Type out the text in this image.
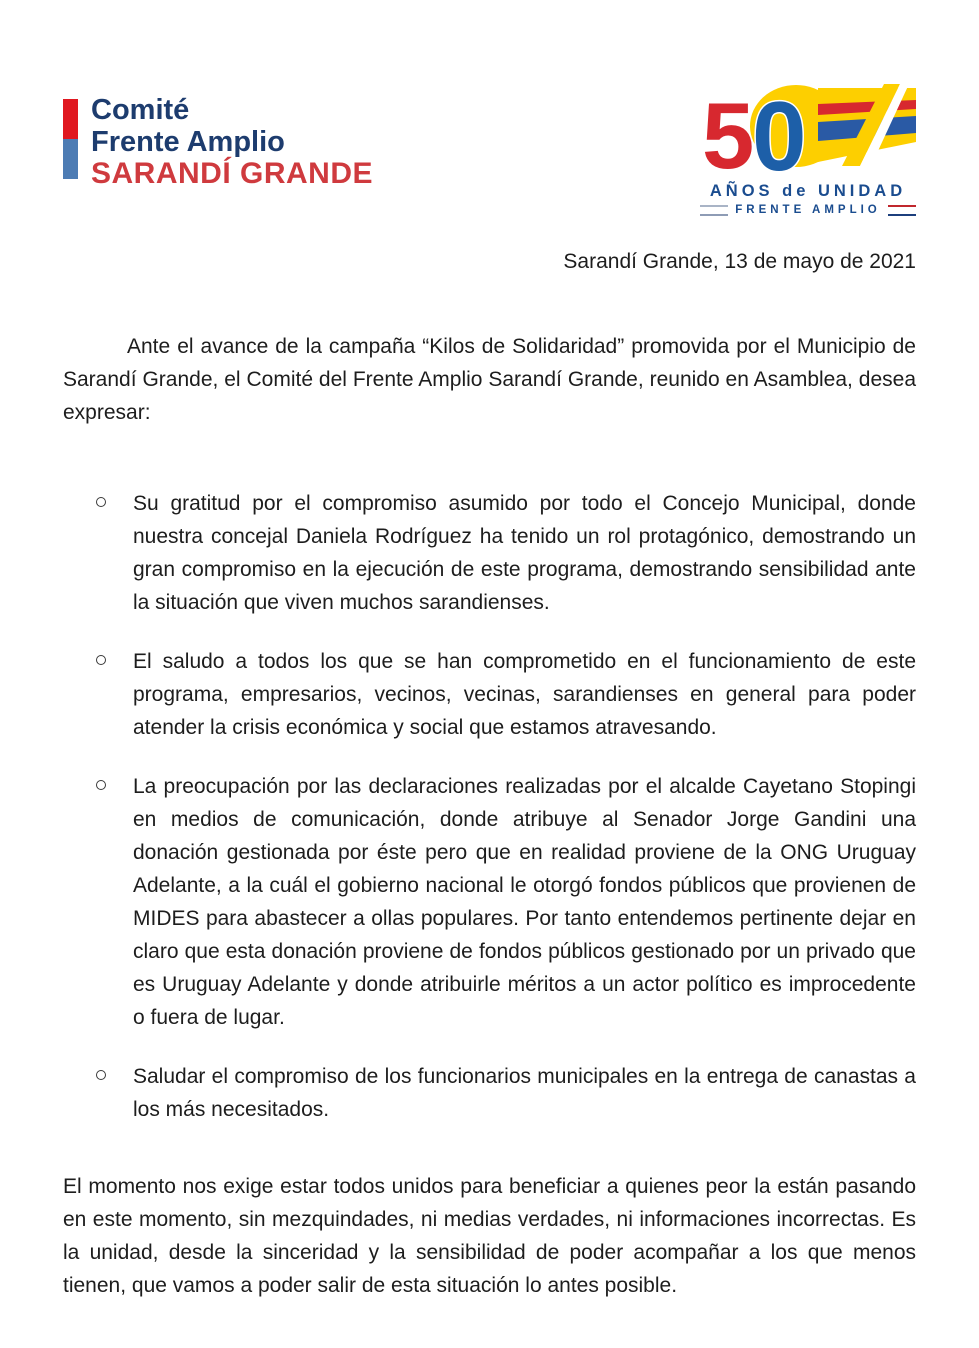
Comité
Frente Amplio
SARANDÍ GRANDE	5
0
AÑOS de UNIDAD
FRENTE AMPLIO
Sarandí Grande, 13 de mayo de 2021

Ante el avance de la campaña “Kilos de Solidaridad” promovida por el Municipio de Sarandí Grande, el Comité del Frente Amplio Sarandí Grande, reunido en Asamblea, desea expresar:

Su gratitud por el compromiso asumido por todo el Concejo Municipal, donde nuestra concejal Daniela Rodríguez ha tenido un rol protagónico, demostrando un gran compromiso en la ejecución de este programa, demostrando sensibilidad ante la situación que viven muchos sarandienses.
El saludo a todos los que se han comprometido en el funcionamiento de este programa, empresarios, vecinos, vecinas, sarandienses en general para poder atender la crisis económica y social que estamos atravesando.
La preocupación por las declaraciones realizadas por el alcalde Cayetano Stopingi en medios de comunicación, donde atribuye al Senador Jorge Gandini una donación gestionada por éste pero que en realidad proviene de la ONG Uruguay Adelante, a la cuál el gobierno nacional le otorgó fondos públicos que provienen de MIDES para abastecer a ollas populares. Por tanto entendemos pertinente dejar en claro que esta donación proviene de fondos públicos gestionado por un privado que es Uruguay Adelante y donde atribuirle méritos a un actor político es improcedente o fuera de lugar.
Saludar el compromiso de los funcionarios municipales en la entrega de canastas a los más necesitados.

El momento nos exige estar todos unidos para beneficiar a quienes peor la están pasando en este momento, sin mezquindades, ni medias verdades, ni informaciones incorrectas. Es la unidad, desde la sinceridad y la sensibilidad de poder acompañar a los que menos tienen, que vamos a poder salir de esta situación lo antes posible.
